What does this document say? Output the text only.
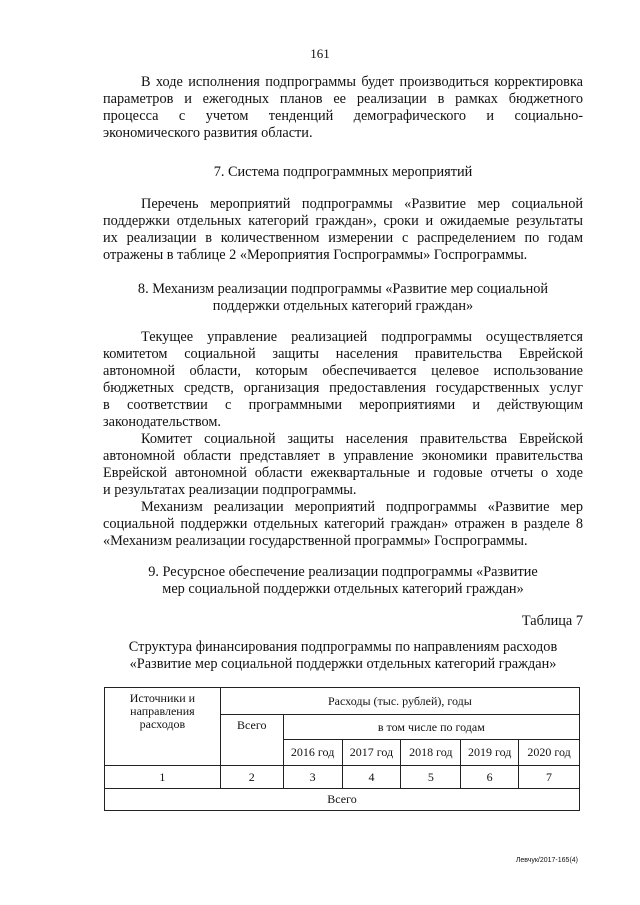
161
В ходе исполнения подпрограммы будет производиться корректировка
параметров и ежегодных планов ее реализации в рамках бюджетного
процесса с учетом тенденций демографического и социально-
экономического развития области.
7. Система подпрограммных мероприятий
Перечень мероприятий подпрограммы «Развитие мер социальной
поддержки отдельных категорий граждан», сроки и ожидаемые результаты
их реализации в количественном измерении с распределением по годам
отражены в таблице 2 «Мероприятия Госпрограммы» Госпрограммы.
8. Механизм реализации подпрограммы «Развитие мер социальной
поддержки отдельных категорий граждан»
Текущее управление реализацией подпрограммы осуществляется
комитетом социальной защиты населения правительства Еврейской
автономной области, которым обеспечивается целевое использование
бюджетных средств, организация предоставления государственных услуг
в соответствии с программными мероприятиями и действующим
законодательством.
Комитет социальной защиты населения правительства Еврейской
автономной области представляет в управление экономики правительства
Еврейской автономной области ежеквартальные и годовые отчеты о ходе
и результатах реализации подпрограммы.
Механизм реализации мероприятий подпрограммы «Развитие мер
социальной поддержки отдельных категорий граждан» отражен в разделе 8
«Механизм реализации государственной программы» Госпрограммы.
9. Ресурсное обеспечение реализации подпрограммы «Развитие
мер социальной поддержки отдельных категорий граждан»
Таблица 7
Структура финансирования подпрограммы по направлениям расходов
«Развитие мер социальной поддержки отдельных категорий граждан»
Источники и направления расходов	Расходы (тыс. рублей), годы					
	Всего	в том числе по годам				
		2016 год	2017 год	2018 год	2019 год	2020 год
1	2	3	4	5	6	7
Всего						
Левчук/2017-165(4)
